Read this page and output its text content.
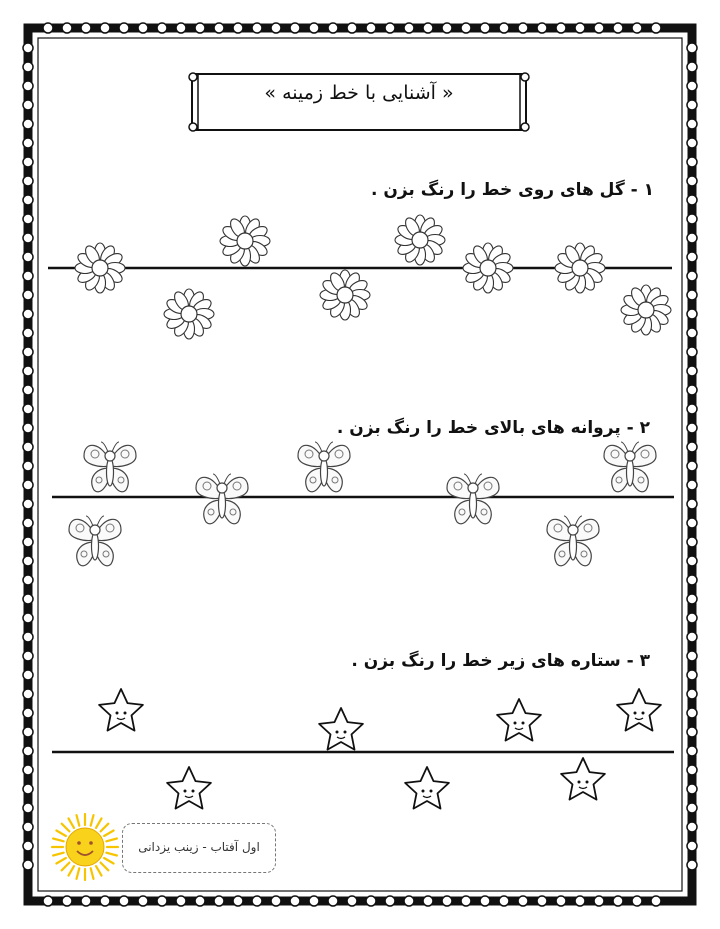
« آشنایی با خط زمینه »
۱ - گل های روی خط را رنگ بزن .
۲ - پروانه های بالای خط را رنگ بزن .
۳ - ستاره های زیر خط را رنگ بزن .
اول آفتاب - زینب یزدانی
